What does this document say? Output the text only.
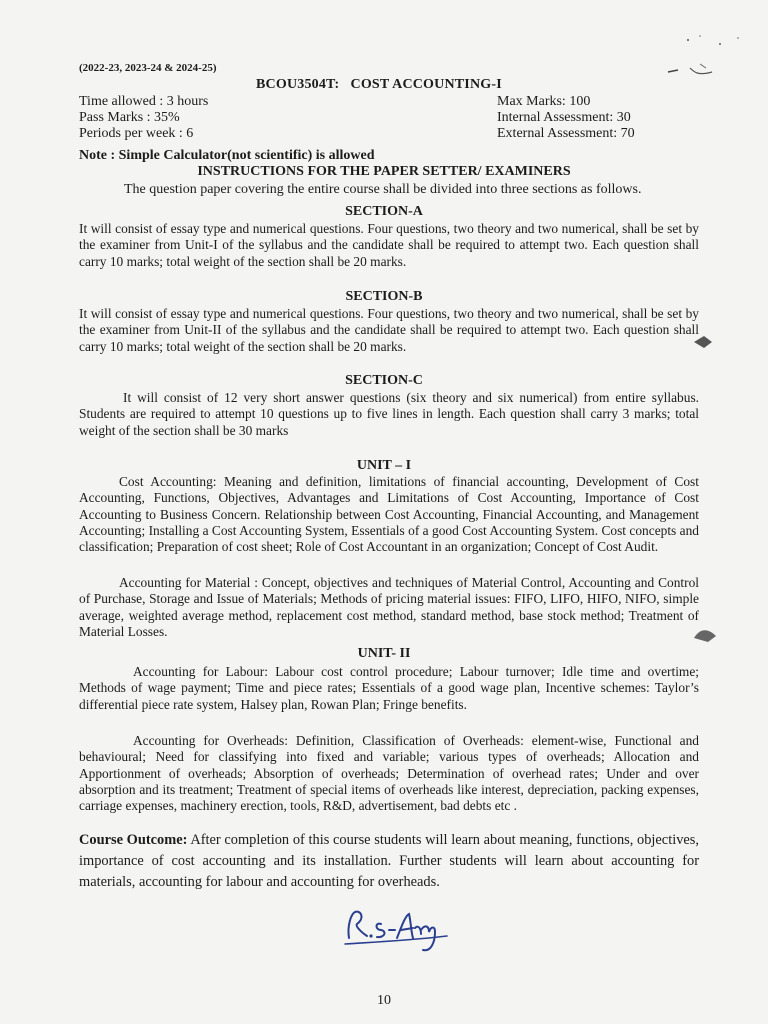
(2022-23, 2023-24 & 2024-25)
BCOU3504T: COST ACCOUNTING-I
Time allowed : 3 hours
Pass Marks : 35%
Periods per week : 6
Max Marks: 100
Internal Assessment: 30
External Assessment: 70
Note : Simple Calculator(not scientific) is allowed
INSTRUCTIONS FOR THE PAPER SETTER/ EXAMINERS
The question paper covering the entire course shall be divided into three sections as follows.
SECTION-A
It will consist of essay type and numerical questions. Four questions, two theory and two numerical, shall be set by the examiner from Unit-I of the syllabus and the candidate shall be required to attempt two. Each question shall carry 10 marks; total weight of the section shall be 20 marks.
SECTION-B
It will consist of essay type and numerical questions. Four questions, two theory and two numerical, shall be set by the examiner from Unit-II of the syllabus and the candidate shall be required to attempt two. Each question shall carry 10 marks; total weight of the section shall be 20 marks.
SECTION-C
It will consist of 12 very short answer questions (six theory and six numerical) from entire syllabus. Students are required to attempt 10 questions up to five lines in length. Each question shall carry 3 marks; total weight of the section shall be 30 marks
UNIT – I
Cost Accounting: Meaning and definition, limitations of financial accounting, Development of Cost Accounting, Functions, Objectives, Advantages and Limitations of Cost Accounting, Importance of Cost Accounting to Business Concern. Relationship between Cost Accounting, Financial Accounting, and Management Accounting; Installing a Cost Accounting System, Essentials of a good Cost Accounting System. Cost concepts and classification; Preparation of cost sheet; Role of Cost Accountant in an organization; Concept of Cost Audit.
Accounting for Material : Concept, objectives and techniques of Material Control, Accounting and Control of Purchase, Storage and Issue of Materials; Methods of pricing material issues: FIFO, LIFO, HIFO, NIFO, simple average, weighted average method, replacement cost method, standard method, base stock method; Treatment of Material Losses.
UNIT- II
Accounting for Labour: Labour cost control procedure; Labour turnover; Idle time and overtime; Methods of wage payment; Time and piece rates; Essentials of a good wage plan, Incentive schemes: Taylor’s differential piece rate system, Halsey plan, Rowan Plan; Fringe benefits.
Accounting for Overheads: Definition, Classification of Overheads: element-wise, Functional and behavioural; Need for classifying into fixed and variable; various types of overheads; Allocation and Apportionment of overheads; Absorption of overheads; Determination of overhead rates; Under and over absorption and its treatment; Treatment of special items of overheads like interest, depreciation, packing expenses, carriage expenses, machinery erection, tools, R&D, advertisement, bad debts etc .
Course Outcome: After completion of this course students will learn about meaning, functions, objectives, importance of cost accounting and its installation. Further students will learn about accounting for materials, accounting for labour and accounting for overheads.
10
